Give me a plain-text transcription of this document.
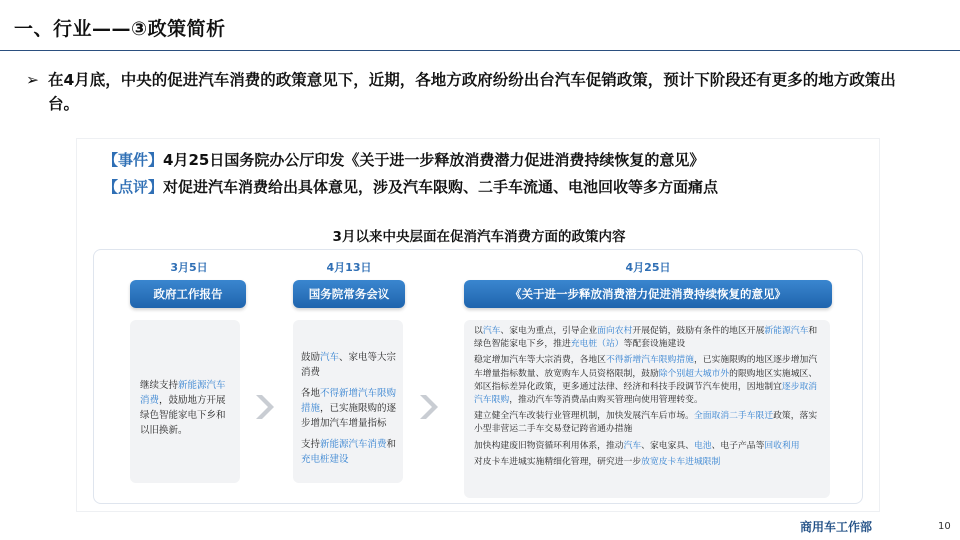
一、行业——③政策简析
➢ 在4月底，中央的促进汽车消费的政策意见下，近期，各地方政府纷纷出台汽车促销政策，预计下阶段还有更多的地方政策出台。
【事件】4月25日国务院办公厅印发《关于进一步释放消费潜力促进消费持续恢复的意见》
【点评】对促进汽车消费给出具体意见，涉及汽车限购、二手车流通、电池回收等多方面痛点
3月以来中央层面在促消汽车消费方面的政策内容
3月5日
政府工作报告

继续支持新能源汽车消费，鼓励地方开展绿色智能家电下乡和以旧换新。

4月13日
国务院常务会议

鼓励汽车、家电等大宗消费

各地不得新增汽车限购措施，已实施限购的逐步增加汽车增量指标

支持新能源汽车消费和充电桩建设

4月25日
《关于进一步释放消费潜力促进消费持续恢复的意见》

以汽车、家电为重点，引导企业面向农村开展促销，鼓励有条件的地区开展新能源汽车和绿色智能家电下乡，推进充电桩（站）等配套设施建设

稳定增加汽车等大宗消费，各地区不得新增汽车限购措施，已实施限购的地区逐步增加汽车增量指标数量、放宽购车人员资格限制，鼓励除个别超大城市外的限购地区实施城区、郊区指标差异化政策，更多通过法律、经济和科技手段调节汽车使用，因地制宜逐步取消汽车限购，推动汽车等消费品由购买管理向使用管理转变。

建立健全汽车改装行业管理机制，加快发展汽车后市场。全面取消二手车限迁政策，落实小型非营运二手车交易登记跨省通办措施

加快构建废旧物资循环利用体系，推动汽车、家电家具、电池、电子产品等回收利用

对皮卡车进城实施精细化管理，研究进一步放宽皮卡车进城限制

商用车工作部	10
